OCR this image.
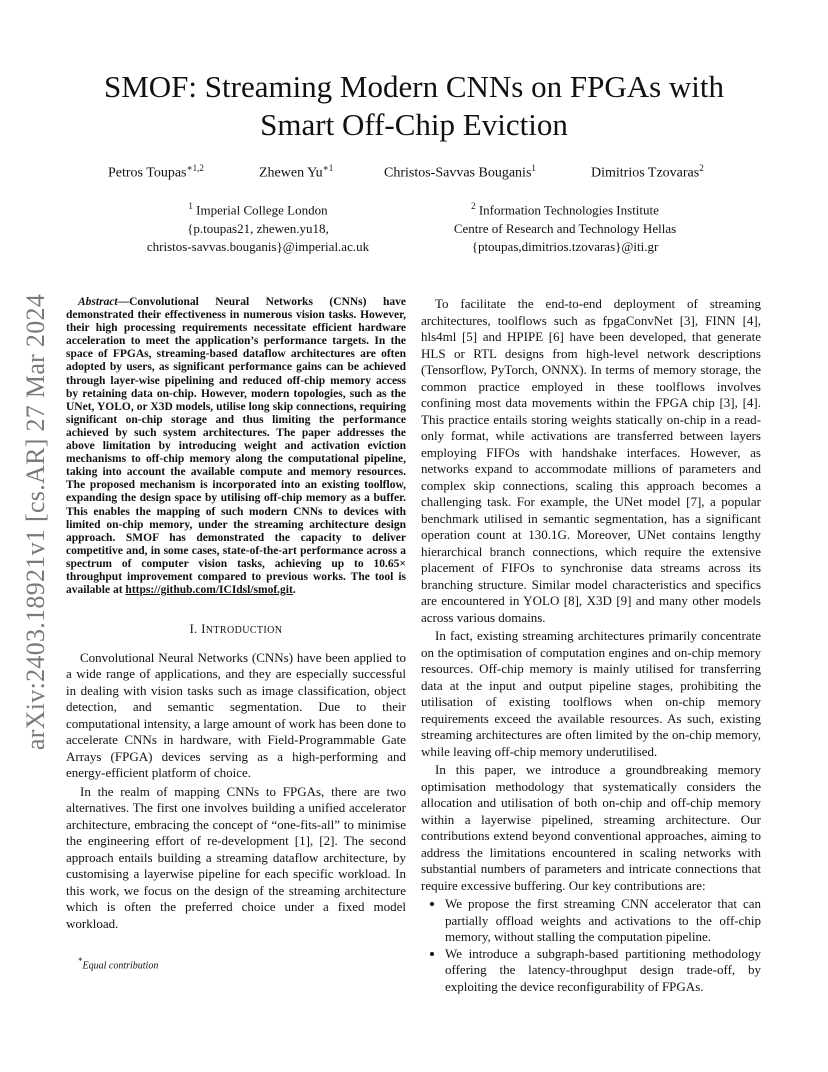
arXiv:2403.18921v1 [cs.AR] 27 Mar 2024
SMOF: Streaming Modern CNNs on FPGAs with
Smart Off-Chip Eviction
Petros Toupas$^{∗1,2}$	Zhewen $Yu^{∗1}$	Christos-Savvas Bouganis$^1$	Dimitrios Tzovaras$^2$
$^1$ Imperial College London
{p.toupas21, zhewen.yu18,
christos-savvas.bouganis}@imperial.ac.uk
$^2$ Information Technologies Institute
Centre of Research and Technology Hellas
{ptoupas,dimitrios.tzovaras}@iti.gr

Abstract—Convolutional Neural Networks (CNNs) have demonstrated their effectiveness in numerous vision tasks. However, their high processing requirements necessitate efficient hardware acceleration to meet the application’s performance targets. In the space of FPGAs, streaming-based dataflow architectures are often adopted by users, as significant performance gains can be achieved through layer-wise pipelining and reduced off-chip memory access by retaining data on-chip. However, modern topologies, such as the UNet, YOLO, or X3D models, utilise long skip connections, requiring significant on-chip storage and thus limiting the performance achieved by such system architectures. The paper addresses the above limitation by introducing weight and activation eviction mechanisms to off-chip memory along the computational pipeline, taking into account the available compute and memory resources. The proposed mechanism is incorporated into an existing toolflow, expanding the design space by utilising off-chip memory as a buffer. This enables the mapping of such modern CNNs to devices with limited on-chip memory, under the streaming architecture design approach. SMOF has demonstrated the capacity to deliver competitive and, in some cases, state-of-the-art performance across a spectrum of computer vision tasks, achieving up to 10.65× throughput improvement compared to previous works. The tool is available at https://github.com/ICIdsl/smof.git.

I. INTRODUCTION

Convolutional Neural Networks (CNNs) have been applied to a wide range of applications, and they are especially successful in dealing with vision tasks such as image classification, object detection, and semantic segmentation. Due to their computational intensity, a large amount of work has been done to accelerate CNNs in hardware, with Field-Programmable Gate Arrays (FPGA) devices serving as a high-performing and energy-efficient platform of choice.

In the realm of mapping CNNs to FPGAs, there are two alternatives. The first one involves building a unified accelerator architecture, embracing the concept of “one-fits-all” to minimise the engineering effort of re-development [1], [2]. The second approach entails building a streaming dataflow architecture, by customising a layerwise pipeline for each specific workload. In this work, we focus on the design of the streaming architecture which is often the preferred choice under a fixed model workload.

*Equal contribution

To facilitate the end-to-end deployment of streaming architectures, toolflows such as fpgaConvNet [3], FINN [4], hls4ml [5] and HPIPE [6] have been developed, that generate HLS or RTL designs from high-level network descriptions (Tensorflow, PyTorch, ONNX). In terms of memory storage, the common practice employed in these toolflows involves confining most data movements within the FPGA chip [3], [4]. This practice entails storing weights statically on-chip in a read-only format, while activations are transferred between layers employing FIFOs with handshake interfaces. However, as networks expand to accommodate millions of parameters and complex skip connections, scaling this approach becomes a challenging task. For example, the UNet model [7], a popular benchmark utilised in semantic segmentation, has a significant operation count at 130.1G. Moreover, UNet contains lengthy hierarchical branch connections, which require the extensive placement of FIFOs to synchronise data streams across its branching structure. Similar model characteristics and specifics are encountered in YOLO [8], X3D [9] and many other models across various domains.

In fact, existing streaming architectures primarily concentrate on the optimisation of computation engines and on-chip memory resources. Off-chip memory is mainly utilised for transferring data at the input and output pipeline stages, prohibiting the utilisation of existing toolflows when on-chip memory requirements exceed the available resources. As such, existing streaming architectures are often limited by the on-chip memory, while leaving off-chip memory underutilised.

In this paper, we introduce a groundbreaking memory optimisation methodology that systematically considers the allocation and utilisation of both on-chip and off-chip memory within a layerwise pipelined, streaming architecture. Our contributions extend beyond conventional approaches, aiming to address the limitations encountered in scaling networks with substantial numbers of parameters and intricate connections that require excessive buffering. Our key contributions are:

• We propose the first streaming CNN accelerator that can partially offload weights and activations to the off-chip memory, without stalling the computation pipeline.
• We introduce a subgraph-based partitioning methodology offering the latency-throughput design trade-off, by exploiting the device reconfigurability of FPGAs.
